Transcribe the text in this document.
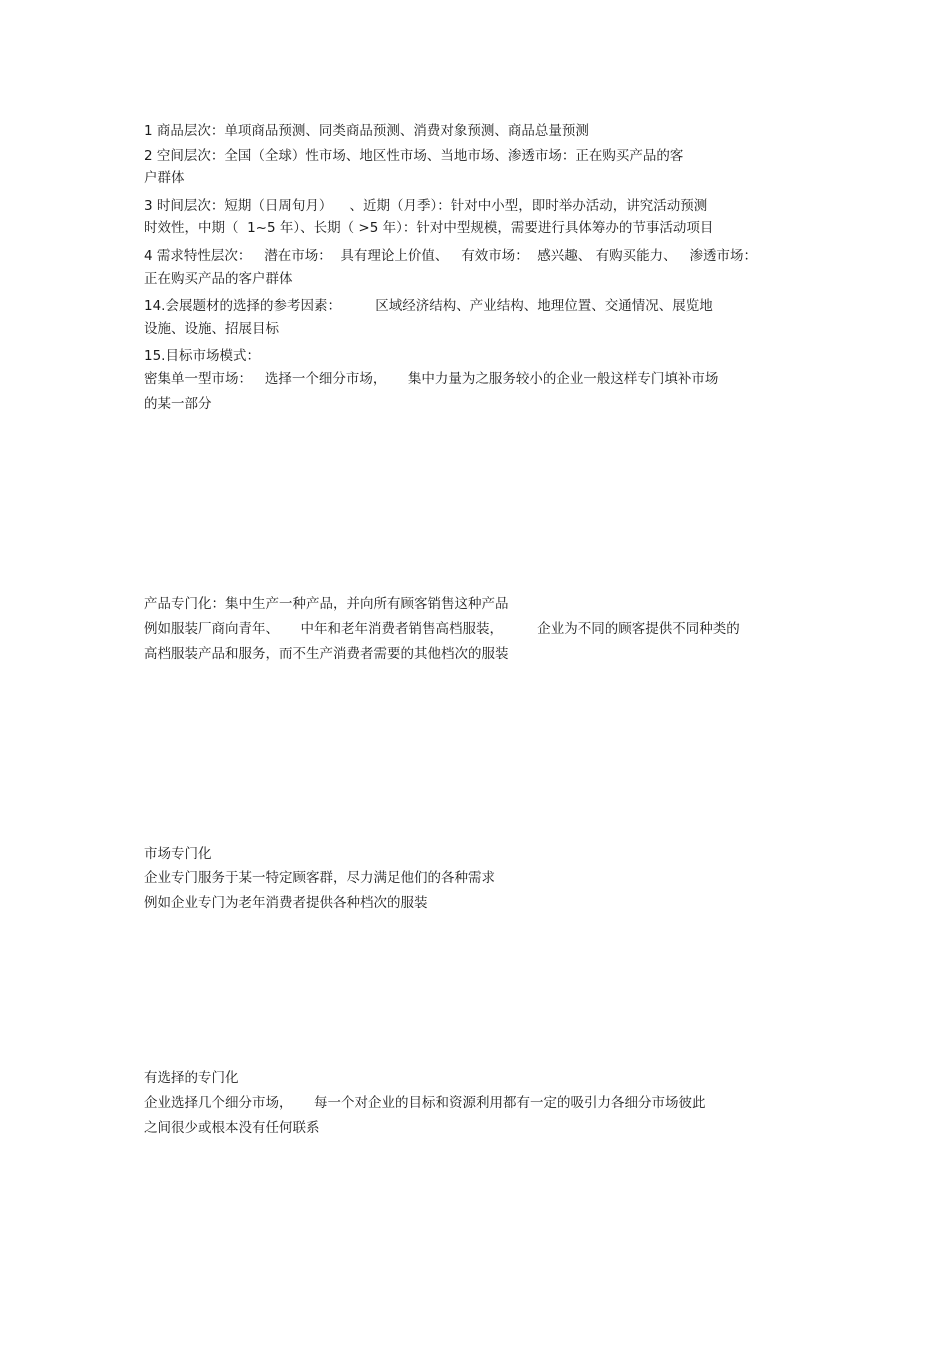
1 商品层次：单项商品预测、同类商品预测、消费对象预测、商品总量预测

2 空间层次：全国（全球）性市场、地区性市场、当地市场、渗透市场：正在购买产品的客

户群体

3 时间层次：短期（日周旬月）    、近期（月季）：针对中小型，即时举办活动，讲究活动预测

时效性，中期（  1~5 年）、长期（ >5 年）：针对中型规模，需要进行具体筹办的节事活动项目

4 需求特性层次：   潜在市场：  具有理论上价值、   有效市场：  感兴趣、 有购买能力、   渗透市场：

正在购买产品的客户群体

14.会展题材的选择的参考因素：        区域经济结构、产业结构、地理位置、交通情况、展览地

设施、设施、招展目标

15.目标市场模式：

密集单一型市场：   选择一个细分市场，     集中力量为之服务较小的企业一般这样专门填补市场

的某一部分

产品专门化：集中生产一种产品，并向所有顾客销售这种产品

例如服装厂商向青年、     中年和老年消费者销售高档服装，        企业为不同的顾客提供不同种类的

高档服装产品和服务，而不生产消费者需要的其他档次的服装

市场专门化

企业专门服务于某一特定顾客群，尽力满足他们的各种需求

例如企业专门为老年消费者提供各种档次的服装

有选择的专门化

企业选择几个细分市场，     每一个对企业的目标和资源利用都有一定的吸引力各细分市场彼此

之间很少或根本没有任何联系
